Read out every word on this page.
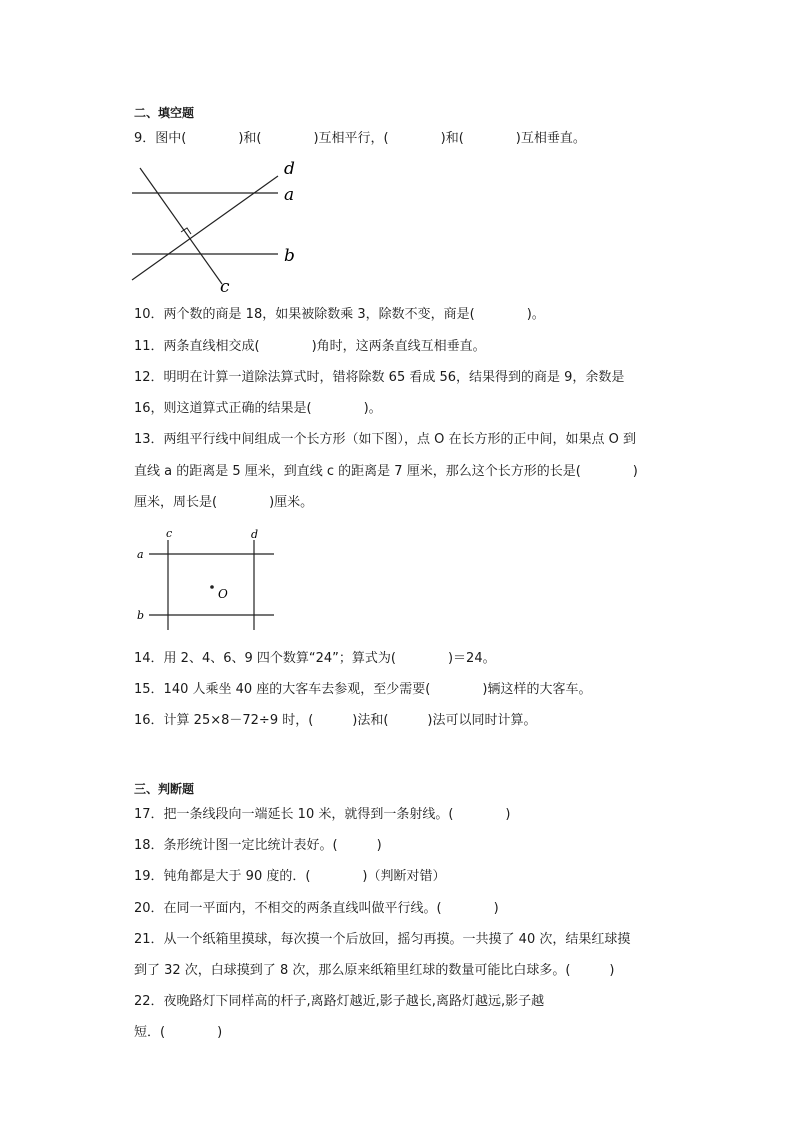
二、填空题
9．图中(　　　　)和(　　　　)互相平行，(　　　　)和(　　　　)互相垂直。
d
a
b
c
10．两个数的商是 18，如果被除数乘 3，除数不变，商是(　　　　)。
11．两条直线相交成(　　　　)角时，这两条直线互相垂直。
12．明明在计算一道除法算式时，错将除数 65 看成 56，结果得到的商是 9，余数是
16，则这道算式正确的结果是(　　　　)。
13．两组平行线中间组成一个长方形（如下图），点 O 在长方形的正中间，如果点 O 到
直线 a 的距离是 5 厘米，到直线 c 的距离是 7 厘米，那么这个长方形的长是(　　　　)
厘米，周长是(　　　　)厘米。
c	d
a
b
O
14．用 2、4、6、9 四个数算“24”；算式为(　　　　)＝24。
15．140 人乘坐 40 座的大客车去参观，至少需要(　　　　)辆这样的大客车。
16．计算 25×8－72÷9 时，(　　　)法和(　　　)法可以同时计算。
三、判断题
17．把一条线段向一端延长 10 米，就得到一条射线。(　　　　)
18．条形统计图一定比统计表好。(　　　)
19．钝角都是大于 90 度的．(　　　　)（判断对错）
20．在同一平面内，不相交的两条直线叫做平行线。(　　　　)
21．从一个纸箱里摸球，每次摸一个后放回，摇匀再摸。一共摸了 40 次，结果红球摸
到了 32 次，白球摸到了 8 次，那么原来纸箱里红球的数量可能比白球多。(　　　)
22．夜晚路灯下同样高的杆子,离路灯越近,影子越长,离路灯越远,影子越
短．(　　　　)
